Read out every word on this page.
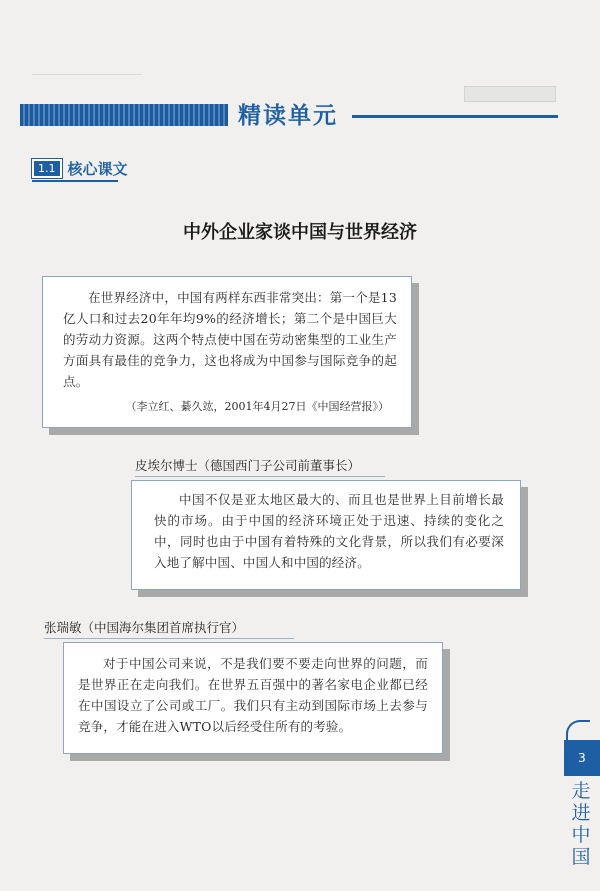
精读单元
1.1 核心课文
中外企业家谈中国与世界经济

在世界经济中，中国有两样东西非常突出：第一个是13亿人口和过去20年年均9%的经济增长；第二个是中国巨大的劳动力资源。这两个特点使中国在劳动密集型的工业生产方面具有最佳的竞争力，这也将成为中国参与国际竞争的起点。

（李立红、綦久竑，2001年4月27日《中国经营报》）
皮埃尔博士（德国西门子公司前董事长）

中国不仅是亚太地区最大的、而且也是世界上目前增长最快的市场。由于中国的经济环境正处于迅速、持续的变化之中，同时也由于中国有着特殊的文化背景，所以我们有必要深入地了解中国、中国人和中国的经济。

张瑞敏（中国海尔集团首席执行官）

对于中国公司来说，不是我们要不要走向世界的问题，而是世界正在走向我们。在世界五百强中的著名家电企业都已经在中国设立了公司或工厂。我们只有主动到国际市场上去参与竞争，才能在进入WTO以后经受住所有的考验。

3
走进中国
